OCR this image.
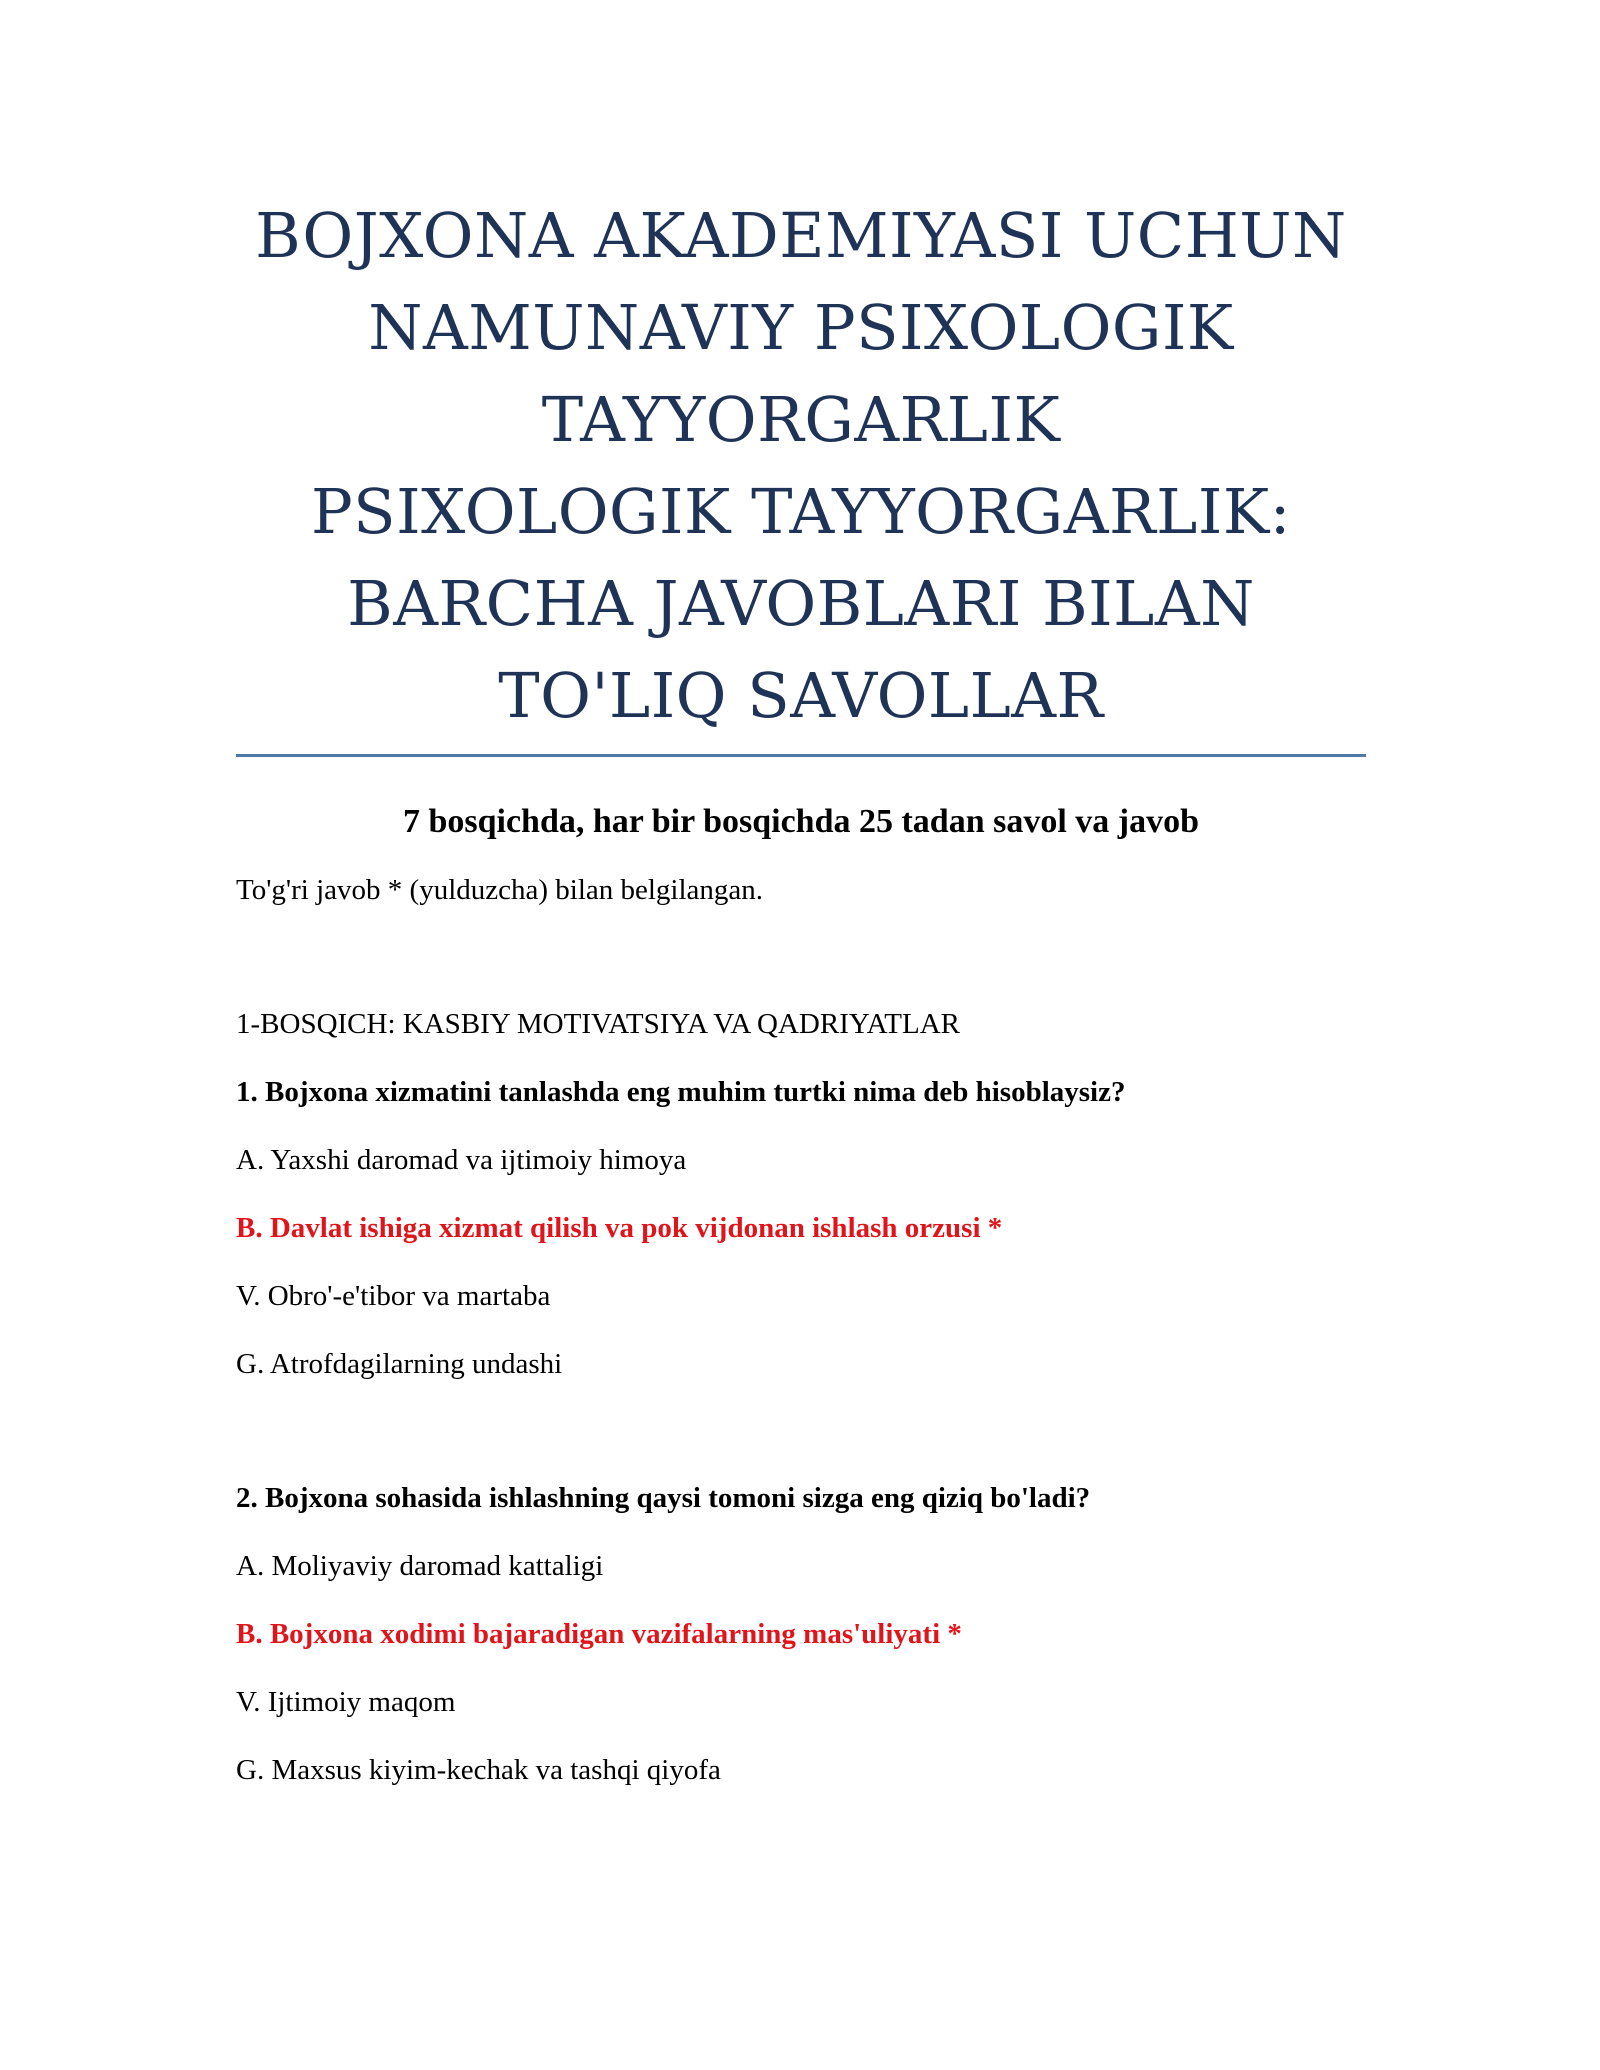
BOJXONA AKADEMIYASI UCHUN
NAMUNAVIY PSIXOLOGIK
TAYYORGARLIK
PSIXOLOGIK TAYYORGARLIK:
BARCHA JAVOBLARI BILAN
TO'LIQ SAVOLLAR

7 bosqichda, har bir bosqichda 25 tadan savol va javob

To'g'ri javob * (yulduzcha) bilan belgilangan.

1-BOSQICH: KASBIY MOTIVATSIYA VA QADRIYATLAR

1. Bojxona xizmatini tanlashda eng muhim turtki nima deb hisoblaysiz?

A. Yaxshi daromad va ijtimoiy himoya

B. Davlat ishiga xizmat qilish va pok vijdonan ishlash orzusi *

V. Obro'-e'tibor va martaba

G. Atrofdagilarning undashi

2. Bojxona sohasida ishlashning qaysi tomoni sizga eng qiziq bo'ladi?

A. Moliyaviy daromad kattaligi

B. Bojxona xodimi bajaradigan vazifalarning mas'uliyati *

V. Ijtimoiy maqom

G. Maxsus kiyim-kechak va tashqi qiyofa
